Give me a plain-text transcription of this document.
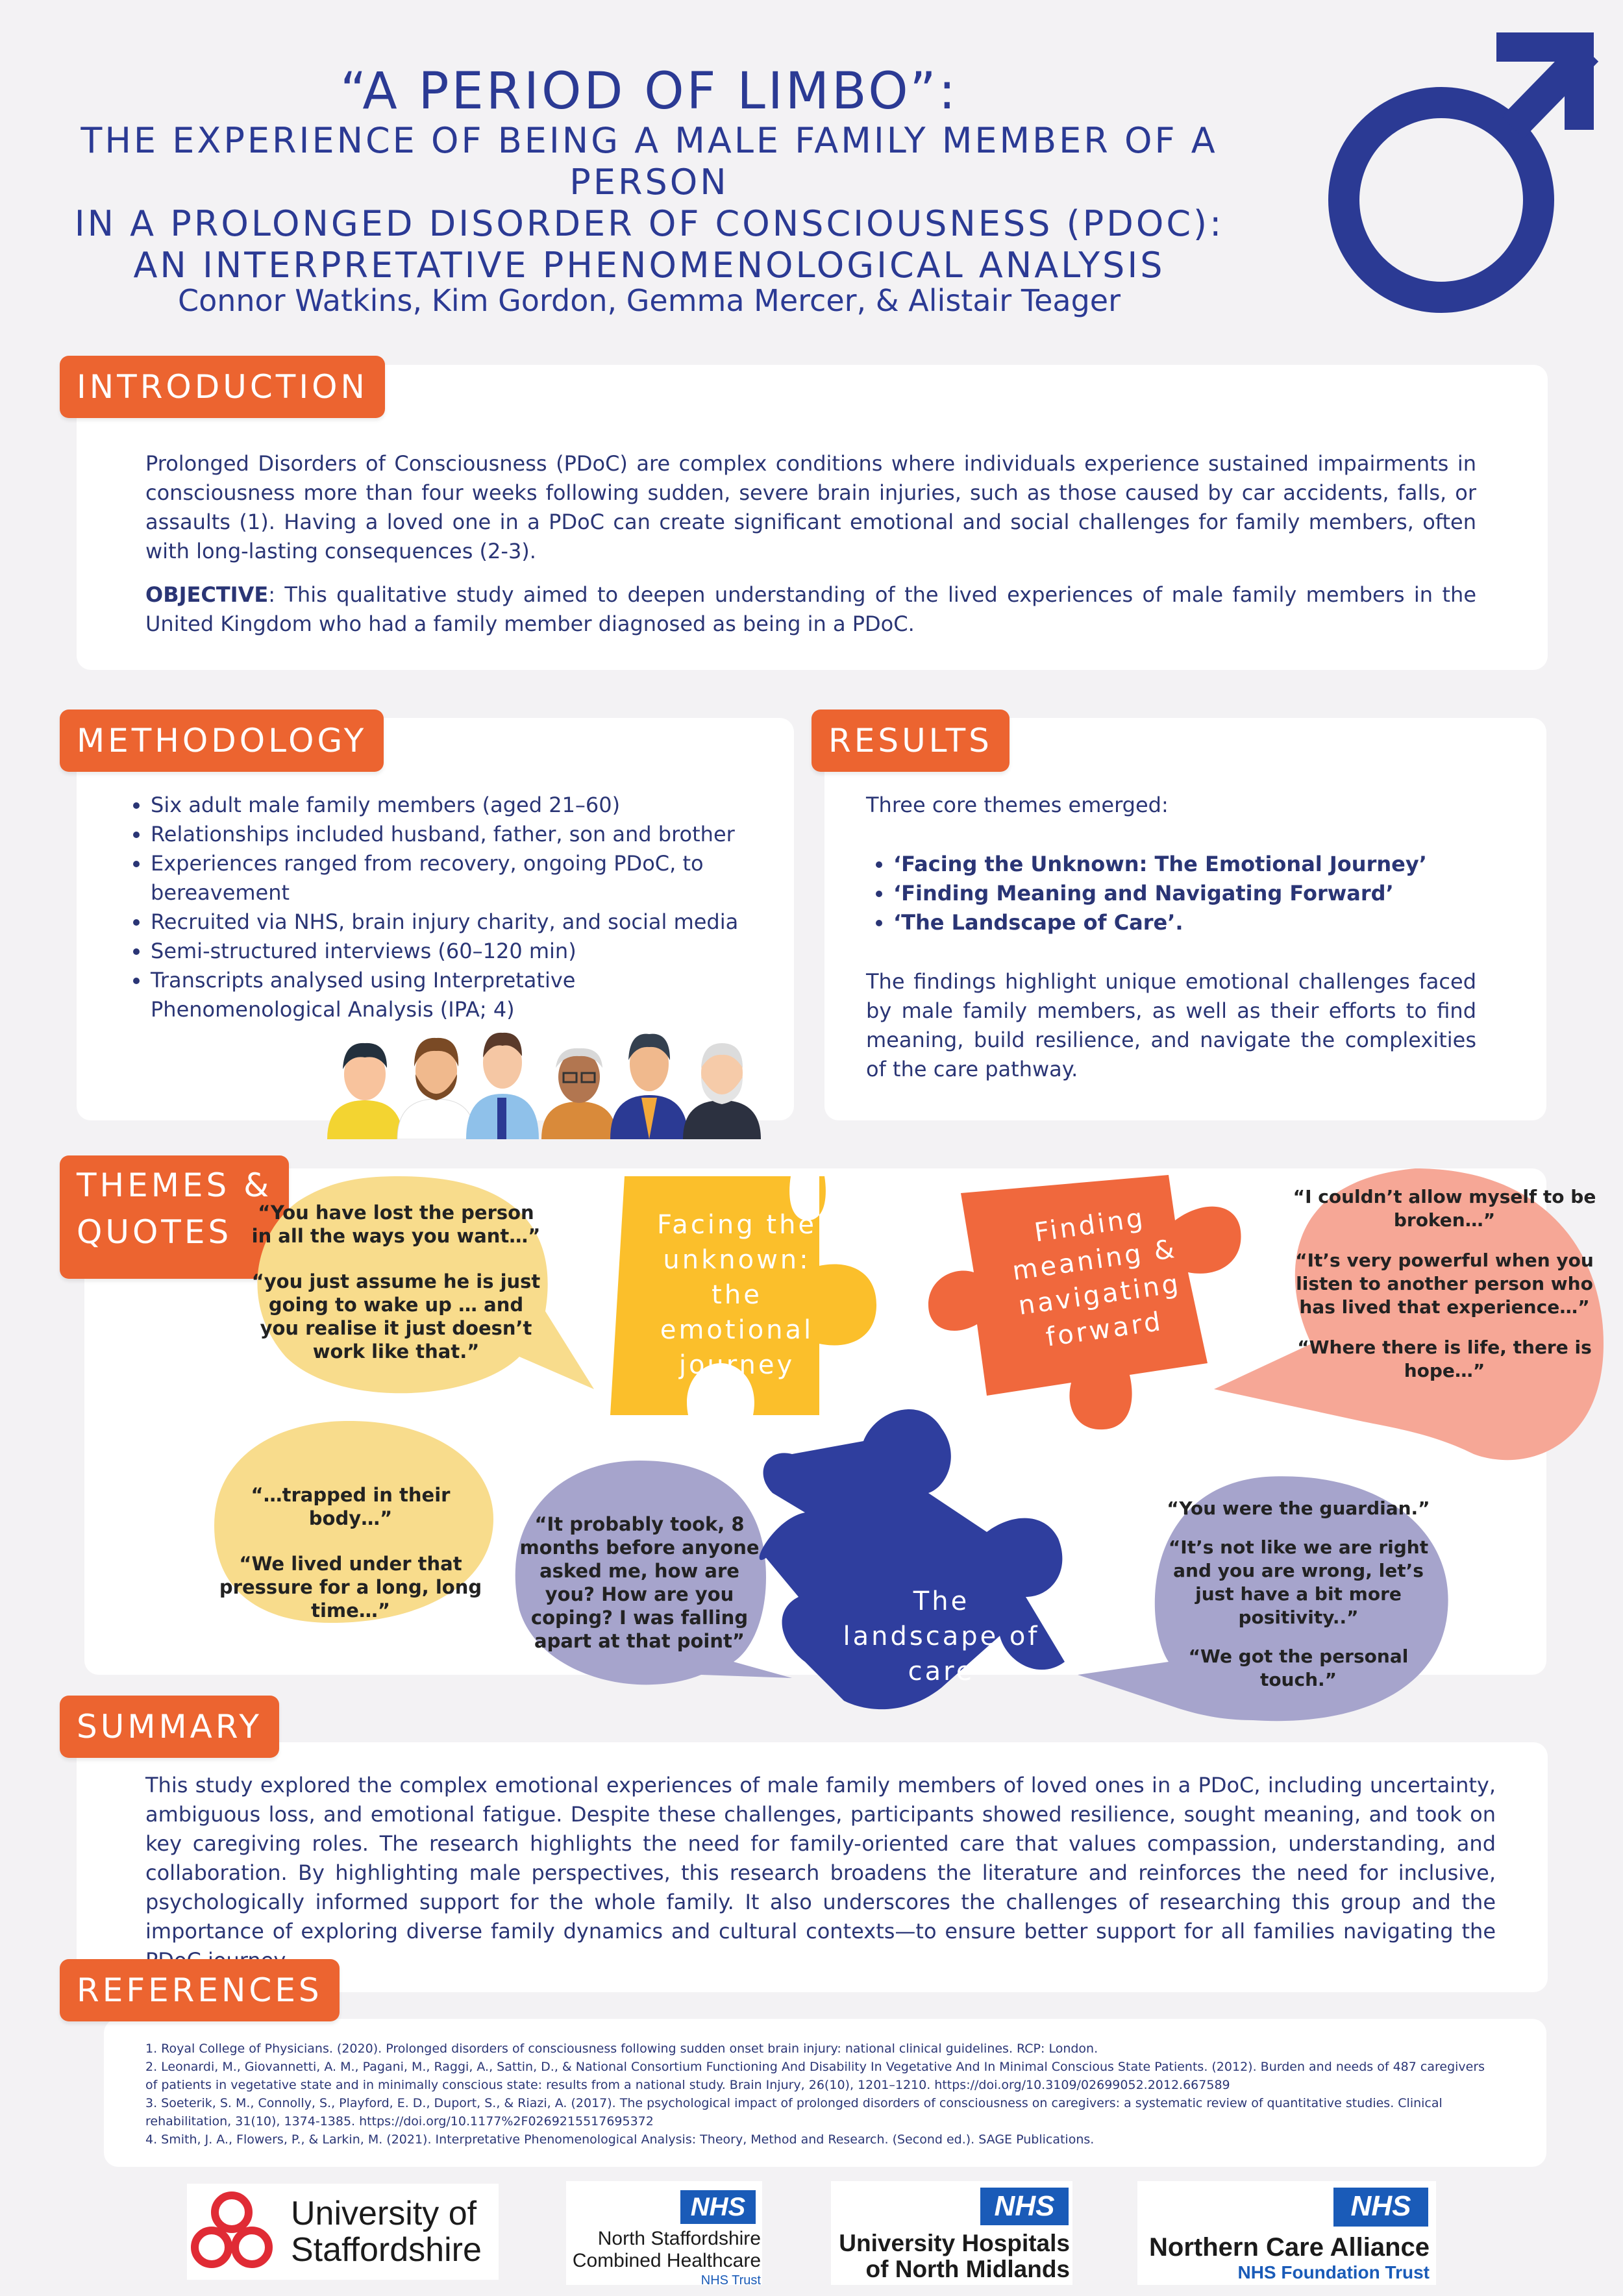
“A PERIOD OF LIMBO”:
THE EXPERIENCE OF BEING A MALE FAMILY MEMBER OF A PERSON
IN A PROLONGED DISORDER OF CONSCIOUSNESS (PDOC):
AN INTERPRETATIVE PHENOMENOLOGICAL ANALYSIS
Connor Watkins, Kim Gordon, Gemma Mercer, & Alistair Teager
INTRODUCTION

Prolonged Disorders of Consciousness (PDoC) are complex conditions where individuals experience sustained impairments in consciousness more than four weeks following sudden, severe brain injuries, such as those caused by car accidents, falls, or assaults (1). Having a loved one in a PDoC can create significant emotional and social challenges for family members, often with long-lasting consequences (2-3).

OBJECTIVE: This qualitative study aimed to deepen understanding of the lived experiences of male family members in the United Kingdom who had a family member diagnosed as being in a PDoC.

METHODOLOGY
• Six adult male family members (aged 21–60)
• Relationships included husband, father, son and brother
• Experiences ranged from recovery, ongoing PDoC, to bereavement
• Recruited via NHS, brain injury charity, and social media
• Semi-structured interviews (60–120 min)
• Transcripts analysed using Interpretative Phenomenological Analysis (IPA; 4)
RESULTS

Three core themes emerged:

• ‘Facing the Unknown: The Emotional Journey’
• ‘Finding Meaning and Navigating Forward’
• ‘The Landscape of Care’.

The findings highlight unique emotional challenges faced by male family members, as well as their efforts to find meaning, build resilience, and navigate the complexities of the care pathway.

THEMES &
QUOTES	Facing the unknown: the emotional journey
Finding meaning & navigating forward
The landscape of care

“You have lost the person in all the ways you want…”

“you just assume he is just going to wake up … and you realise it just doesn’t work like that.”

“…trapped in their body…”

“We lived under that pressure for a long, long time…”

“It probably took, 8 months before anyone asked me, how are you? How are you coping? I was falling apart at that point”

“I couldn’t allow myself to be broken…”

“It’s very powerful when you listen to another person who has lived that experience…”

“Where there is life, there is hope…”

“You were the guardian.”

“It’s not like we are right and you are wrong, let’s just have a bit more positivity..”

“We got the personal touch.”

SUMMARY

This study explored the complex emotional experiences of male family members of loved ones in a PDoC, including uncertainty, ambiguous loss, and emotional fatigue. Despite these challenges, participants showed resilience, sought meaning, and took on key caregiving roles. The research highlights the need for family-oriented care that values compassion, understanding, and collaboration. By highlighting male perspectives, this research broadens the literature and reinforces the need for inclusive, psychologically informed support for the whole family. It also underscores the challenges of researching this group and the importance of exploring diverse family dynamics and cultural contexts—to ensure better support for all families navigating the

REFERENCES
1. Royal College of Physicians. (2020). Prolonged disorders of consciousness following sudden onset brain injury: national clinical guidelines. RCP: London.
2. Leonardi, M., Giovannetti, A. M., Pagani, M., Raggi, A., Sattin, D., & National Consortium Functioning And Disability In Vegetative And In Minimal Conscious State Patients. (2012). Burden and needs of 487 caregivers of patients in vegetative state and in minimally conscious state: results from a national study. Brain Injury, 26(10), 1201–1210. https://doi.org/10.3109/02699052.2012.667589
3. Soeterik, S. M., Connolly, S., Playford, E. D., Duport, S., & Riazi, A. (2017). The psychological impact of prolonged disorders of consciousness on caregivers: a systematic review of quantitative studies. Clinical rehabilitation, 31(10), 1374-1385. https://doi.org/10.1177%2F0269215517695372
4. Smith, J. A., Flowers, P., & Larkin, M. (2021). Interpretative Phenomenological Analysis: Theory, Method and Research. (Second ed.). SAGE Publications.
University of
Staffordshire
NHS
North Staffordshire
Combined Healthcare
NHS Trust
NHS
University Hospitals
of North Midlands
NHS
Northern Care Alliance
NHS Foundation Trust
